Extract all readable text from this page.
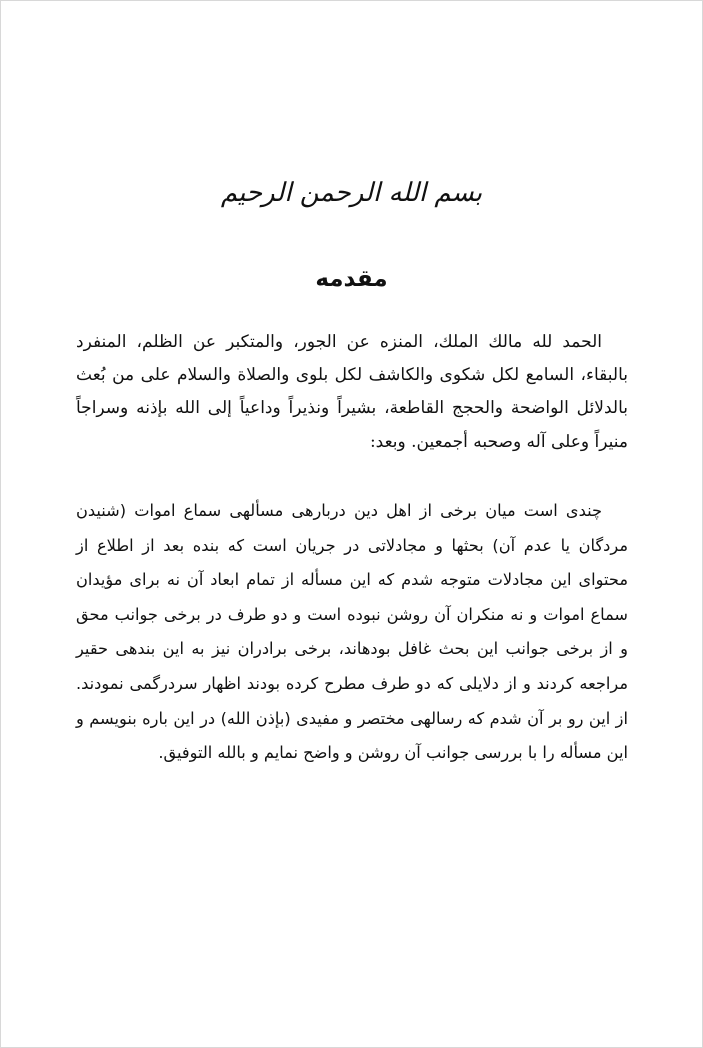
بسم الله الرحمن الرحيم
مقدمه

الحمد لله مالك الملك، المنزه عن الجور، والمتكبر عن الظلم، المنفرد بالبقاء، السامع لكل شكوى والكاشف لكل بلوى والصلاة والسلام على من بُعث بالدلائل الواضحة والحجج القاطعة، بشيراً ونذيراً وداعياً إلى الله بإذنه وسراجاً منيراً وعلى آله وصحبه أجمعين. وبعد:

چندی است میان برخی از اهل دین دربارهی مسألهی سماع اموات (شنیدن مردگان یا عدم آن) بحثها و مجادلاتی در جریان است که بنده بعد از اطلاع از محتوای این مجادلات متوجه شدم که این مسأله از تمام ابعاد آن نه برای مؤیدان سماع اموات و نه منکران آن روشن نبوده است و دو طرف در برخی جوانب محق و از برخی جوانب این بحث غافل بودهاند، برخی برادران نیز به این بندهی حقیر مراجعه کردند و از دلایلی که دو طرف مطرح کرده بودند اظهار سردرگمی نمودند. از این رو بر آن شدم که رسالهی مختصر و مفیدی (بإذن الله) در این باره بنویسم و این مسأله را با بررسی جوانب آن روشن و واضح نمایم و بالله التوفیق.
